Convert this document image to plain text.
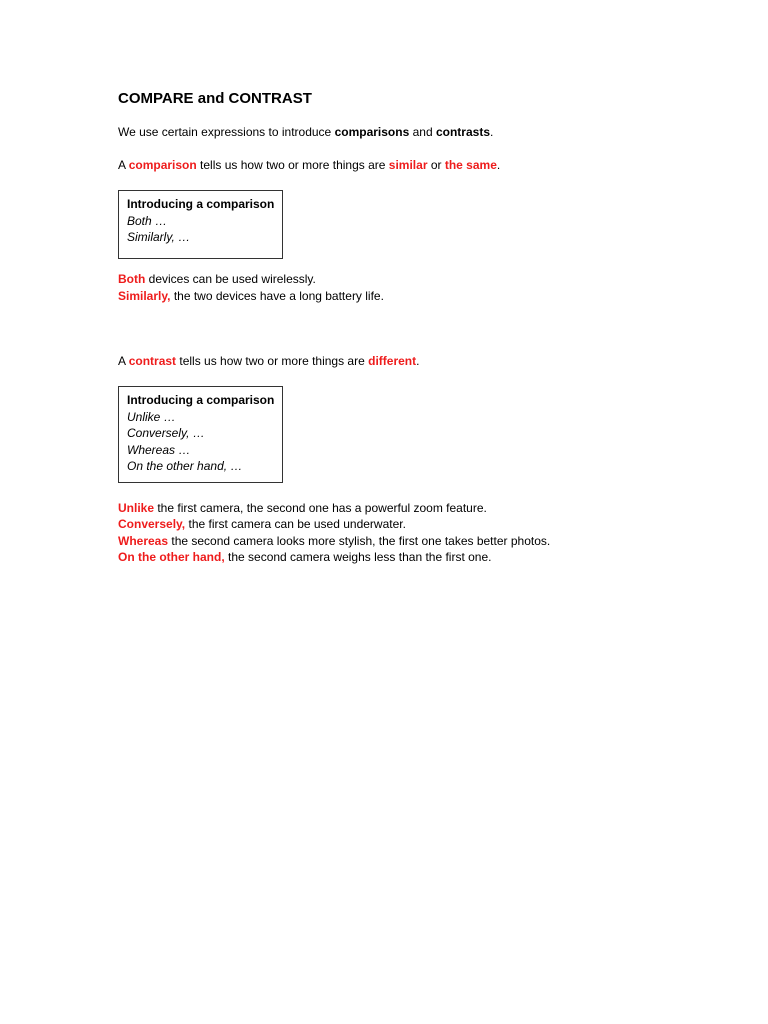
COMPARE and CONTRAST
We use certain expressions to introduce comparisons and contrasts.
A comparison tells us how two or more things are similar or the same.
Introducing a comparison
Both …
Similarly, …
Both devices can be used wirelessly.
Similarly, the two devices have a long battery life.
A contrast tells us how two or more things are different.
Introducing a comparison
Unlike …
Conversely, …
Whereas …
On the other hand, …
Unlike the first camera, the second one has a powerful zoom feature.
Conversely, the first camera can be used underwater.
Whereas the second camera looks more stylish, the first one takes better photos.
On the other hand, the second camera weighs less than the first one.
